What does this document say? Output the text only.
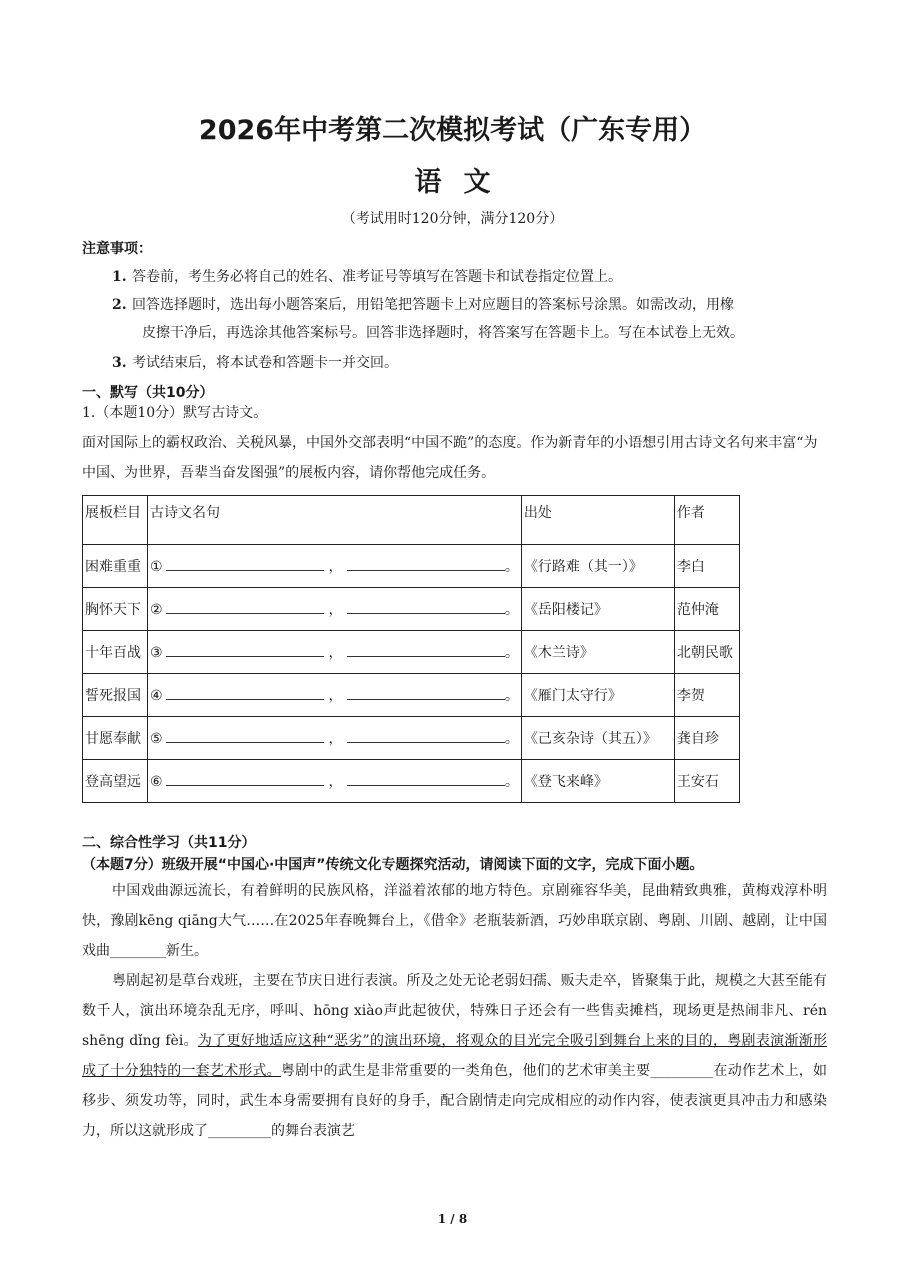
2026年中考第二次模拟考试（广东专用）
语文
（考试用时120分钟，满分120分）
注意事项：
1. 答卷前，考生务必将自己的姓名、准考证号等填写在答题卡和试卷指定位置上。
2. 回答选择题时，选出每小题答案后，用铅笔把答题卡上对应题目的答案标号涂黑。如需改动，用橡
皮擦干净后，再选涂其他答案标号。回答非选择题时，将答案写在答题卡上。写在本试卷上无效。
3. 考试结束后，将本试卷和答题卡一并交回。
一、默写（共10分）
1.（本题10分）默写古诗文。
面对国际上的霸权政治、关税风暴，中国外交部表明“中国不跪”的态度。作为新青年的小语想引用古诗文名句来丰富“为中国、为世界，吾辈当奋发图强”的展板内容，请你帮他完成任务。
展板栏目	古诗文名句	出处	作者
困难重重	① ， 。	《行路难（其一）》	李白
胸怀天下	② ， 。	《岳阳楼记》	范仲淹
十年百战	③ ， 。	《木兰诗》	北朝民歌
誓死报国	④ ， 。	《雁门太守行》	李贺
甘愿奉献	⑤ ， 。	《己亥杂诗（其五）》	龚自珍
登高望远	⑥ ， 。	《登飞来峰》	王安石
二、综合性学习（共11分）
（本题7分）班级开展“中国心·中国声”传统文化专题探究活动，请阅读下面的文字，完成下面小题。

中国戏曲源远流长，有着鲜明的民族风格，洋溢着浓郁的地方特色。京剧雍容华美，昆曲精致典雅，黄梅戏淳朴明快，豫剧kēng qiāng大气……在2025年春晚舞台上，《借伞》老瓶装新酒，巧妙串联京剧、粤剧、川剧、越剧，让中国戏曲________新生。

粤剧起初是草台戏班，主要在节庆日进行表演。所及之处无论老弱妇孺、贩夫走卒，皆聚集于此，规模之大甚至能有数千人，演出环境杂乱无序，呼叫、hōng xiào声此起彼伏，特殊日子还会有一些售卖摊档，现场更是热闹非凡、rén shēng dǐng fèi。为了更好地适应这种“恶劣”的演出环境，将观众的目光完全吸引到舞台上来的目的，粤剧表演渐渐形成了十分独特的一套艺术形式。粤剧中的武生是非常重要的一类角色，他们的艺术审美主要_________在动作艺术上，如移步、须发功等，同时，武生本身需要拥有良好的身手，配合剧情走向完成相应的动作内容，使表演更具冲击力和感染力，所以这就形成了_________的舞台表演艺

1 / 8
